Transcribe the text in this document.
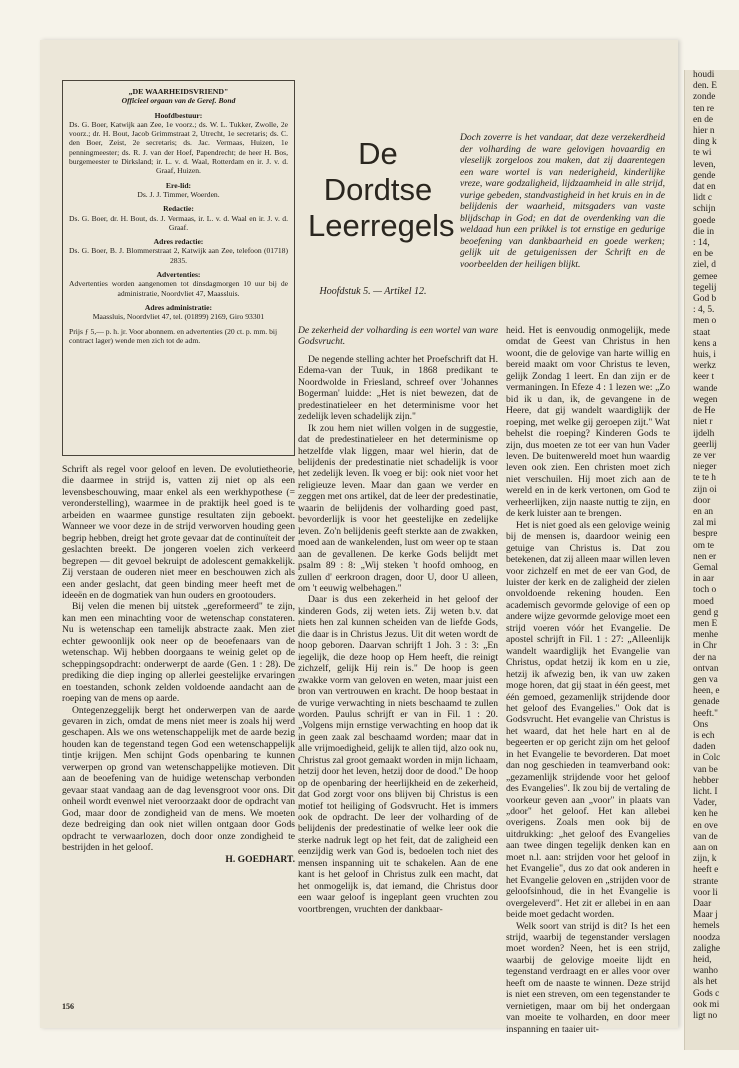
„DE WAARHEIDSVRIEND"
Officieel orgaan van de Geref. Bond
Hoofdbestuur:
Ds. G. Boer, Katwijk aan Zee, 1e voorz.; ds. W. L. Tukker, Zwolle, 2e voorz.; dr. H. Bout, Jacob Grimmstraat 2, Utrecht, 1e secretaris; ds. C. den Boer, Zeist, 2e secretaris; ds. Jac. Vermaas, Huizen, 1e penningmeester; ds. R. J. van der Hoef, Papendrecht; de heer H. Bos, burgemeester te Dirksland; ir. L. v. d. Waal, Rotterdam en ir. J. v. d. Graaf, Huizen.
Ere-lid:
Ds. J. J. Timmer, Woerden.
Redactie:
Ds. G. Boer, dr. H. Bout, ds. J. Vermaas, ir. L. v. d. Waal en ir. J. v. d. Graaf.
Adres redactie:
Ds. G. Boer, B. J. Blommerstraat 2, Katwijk aan Zee, telefoon (01718) 2835.
Advertenties:
Advertenties worden aangenomen tot dinsdagmorgen 10 uur bij de administratie, Noordvliet 47, Maassluis.
Adres administratie:
Maassluis, Noordvliet 47, tel. (01899) 2169, Giro 93301
Prijs ƒ 5,— p. h. jr. Voor abonnem. en advertenties (20 ct. p. mm. bij contract lager) wende men zich tot de adm.
De
Dordtse
Leerregels
Hoofdstuk 5. — Artikel 12.
Doch zoverre is het vandaar, dat deze verzekerdheid der volharding de ware gelovigen hovaardig en vleselijk zorgeloos zou maken, dat zij daarentegen een ware wortel is van nederigheid, kinderlijke vreze, ware godzaligheid, lijdzaamheid in alle strijd, vurige gebeden, standvastigheid in het kruis en in de belijdenis der waarheid, mitsgaders van vaste blijdschap in God; en dat de overdenking van die weldaad hun een prikkel is tot ernstige en gedurige beoefening van dankbaarheid en goede werken; gelijk uit de getuigenissen der Schrift en de voorbeelden der heiligen blijkt.

Schrift als regel voor geloof en leven. De evolutietheorie, die daarmee in strijd is, vatten zij niet op als een levensbeschouwing, maar enkel als een werkhypothese (= veronderstelling), waarmee in de praktijk heel goed is te arbeiden en waarmee gunstige resultaten zijn geboekt. Wanneer we voor deze in de strijd verworven houding geen begrip hebben, dreigt het grote gevaar dat de continuïteit der geslachten breekt. De jongeren voelen zich verkeerd begrepen — dit gevoel bekruipt de adolescent gemakkelijk. Zij verstaan de ouderen niet meer en beschouwen zich als een ander geslacht, dat geen binding meer heeft met de ideeën en de dogmatiek van hun ouders en grootouders.

Bij velen die menen bij uitstek „gereformeerd" te zijn, kan men een minachting voor de wetenschap constateren. Nu is wetenschap een tamelijk abstracte zaak. Men ziet echter gewoonlijk ook neer op de beoefenaars van de wetenschap. Wij hebben doorgaans te weinig gelet op de scheppingsopdracht: onderwerpt de aarde (Gen. 1 : 28). De prediking die diep inging op allerlei geestelijke ervaringen en toestanden, schonk zelden voldoende aandacht aan de roeping van de mens op aarde.

Ontegenzeggelijk bergt het onderwerpen van de aarde gevaren in zich, omdat de mens niet meer is zoals hij werd geschapen. Als we ons wetenschappelijk met de aarde bezig houden kan de tegenstand tegen God een wetenschappelijk tintje krijgen. Men schijnt Gods openbaring te kunnen verwerpen op grond van wetenschappelijke motieven. Dit aan de beoefening van de huidige wetenschap verbonden gevaar staat vandaag aan de dag levensgroot voor ons. Dit onheil wordt evenwel niet veroorzaakt door de opdracht van God, maar door de zondigheid van de mens. We moeten deze bedreiging dan ook niet willen ontgaan door Gods opdracht te verwaarlozen, doch door onze zondigheid te bestrijden in het geloof.

H. GOEDHART.

De zekerheid der volharding is een wortel van ware Godsvrucht.

De negende stelling achter het Proefschrift dat H. Edema-van der Tuuk, in 1868 predikant te Noordwolde in Friesland, schreef over 'Johannes Bogerman' luidde: „Het is niet bewezen, dat de predestinatieleer en het determinisme voor het zedelijk leven schadelijk zijn."

Ik zou hem niet willen volgen in de suggestie, dat de predestinatieleer en het determinisme op hetzelfde vlak liggen, maar wel hierin, dat de belijdenis der predestinatie niet schadelijk is voor het zedelijk leven. Ik voeg er bij: ook niet voor het religieuze leven. Maar dan gaan we verder en zeggen met ons artikel, dat de leer der predestinatie, waarin de belijdenis der volharding goed past, bevorderlijk is voor het geestelijke en zedelijke leven. Zo'n belijdenis geeft sterkte aan de zwakken, moed aan de wankelenden, lust om weer op te staan aan de gevallenen. De kerke Gods belijdt met psalm 89 : 8: „Wij steken 't hoofd omhoog, en zullen d' eerkroon dragen, door U, door U alleen, om 't eeuwig welbehagen."

Daar is dus een zekerheid in het geloof der kinderen Gods, zij weten iets. Zij weten b.v. dat niets hen zal kunnen scheiden van de liefde Gods, die daar is in Christus Jezus. Uit dit weten wordt de hoop geboren. Daarvan schrijft 1 Joh. 3 : 3: „En iegelijk, die deze hoop op Hem heeft, die reinigt zichzelf, gelijk Hij rein is." De hoop is geen zwakke vorm van geloven en weten, maar juist een bron van vertrouwen en kracht. De hoop bestaat in de vurige verwachting in niets beschaamd te zullen worden. Paulus schrijft er van in Fil. 1 : 20. „Volgens mijn ernstige verwachting en hoop dat ik in geen zaak zal beschaamd worden; maar dat in alle vrijmoedigheid, gelijk te allen tijd, alzo ook nu, Christus zal groot gemaakt worden in mijn lichaam, hetzij door het leven, hetzij door de dood." De hoop op de openbaring der heerlijkheid en de zekerheid, dat God zorgt voor ons blijven bij Christus is een motief tot heiliging of Godsvrucht. Het is immers ook de opdracht. De leer der volharding of de belijdenis der predestinatie of welke leer ook die sterke nadruk legt op het feit, dat de zaligheid een eenzijdig werk van God is, bedoelen toch niet des mensen inspanning uit te schakelen. Aan de ene kant is het geloof in Christus zulk een macht, dat het onmogelijk is, dat iemand, die Christus door een waar geloof is ingeplant geen vruchten zou voortbrengen, vruchten der dankbaar-

heid. Het is eenvoudig onmogelijk, mede omdat de Geest van Christus in hen woont, die de gelovige van harte willig en bereid maakt om voor Christus te leven, gelijk Zondag 1 leert. En dan zijn er de vermaningen. In Efeze 4 : 1 lezen we: „Zo bid ik u dan, ik, de gevangene in de Heere, dat gij wandelt waardiglijk der roeping, met welke gij geroepen zijt." Wat behelst die roeping? Kinderen Gods te zijn, dus moeten ze tot eer van hun Vader leven. De buitenwereld moet hun waardig leven ook zien. Een christen moet zich niet verschuilen. Hij moet zich aan de wereld en in de kerk vertonen, om God te verheerlijken, zijn naaste nuttig te zijn, en de kerk luister aan te brengen.

Het is niet goed als een gelovige weinig bij de mensen is, daardoor weinig een getuige van Christus is. Dat zou betekenen, dat zij alleen maar willen leven voor zichzelf en met de eer van God, de luister der kerk en de zaligheid der zielen onvoldoende rekening houden. Een academisch gevormde gelovige of een op andere wijze gevormde gelovige moet een strijd voeren vóór het Evangelie. De apostel schrijft in Fil. 1 : 27: „Alleenlijk wandelt waardiglijk het Evangelie van Christus, opdat hetzij ik kom en u zie, hetzij ik afwezig ben, ik van uw zaken moge horen, dat gij staat in één geest, met één gemoed, gezamenlijk strijdende door het geloof des Evangelies." Ook dat is Godsvrucht. Het evangelie van Christus is het waard, dat het hele hart en al de begeerten er op gericht zijn om het geloof in het Evangelie te bevorderen. Dat moet dan nog geschieden in teamverband ook: „gezamenlijk strijdende voor het geloof des Evangelies". Ik zou bij de vertaling de voorkeur geven aan „voor" in plaats van „door" het geloof. Het kan allebei overigens. Zoals men ook bij de uitdrukking: „het geloof des Evangelies aan twee dingen tegelijk denken kan en moet n.l. aan: strijden voor het geloof in het Evangelie", dus zo dat ook anderen in het Evangelie geloven en „strijden voor de geloofsinhoud, die in het Evangelie is overgeleverd". Het zit er allebei in en aan beide moet gedacht worden.

Welk soort van strijd is dit? Is het een strijd, waarbij de tegenstander verslagen moet worden? Neen, het is een strijd, waarbij de gelovige moeite lijdt en tegenstand verdraagt en er alles voor over heeft om de naaste te winnen. Deze strijd is niet een streven, om een tegenstander te vernietigen, maar om bij het ondergaan van moeite te volharden, en door meer inspanning en taaier uit-

156
houdi
den. E
zonde
ten re
en de
hier n
ding k
te wi
leven,
gende
dat en
lidt c
schijn
goede
die in
: 14,
en be
ziel, d
gemee
tegelij
God b
: 4, 5.
men o
staat
kens a
huis, i
werkz
keer t
wande
wegen
de He
niet r
ijdelh
geerlij
ze ver
nieger
te te h
zijn oi
door
en an
zal mi
bespre
om te
nen er
Gemal
in aar
toch o
moed
gend g
men E
menhe
in Chr
der na
ontvan
gen va
heen, e
genade
heeft."
Ons
is ech
daden
in Colc
van be
hebber
licht. I
Vader,
ken he
en ove
van de
aan on
zijn, k
heeft e
strante
voor li
Daar
Maar j
hemels
noodza
zalighe
heid,
wanho
als het
Gods c
ook mi
ligt no
